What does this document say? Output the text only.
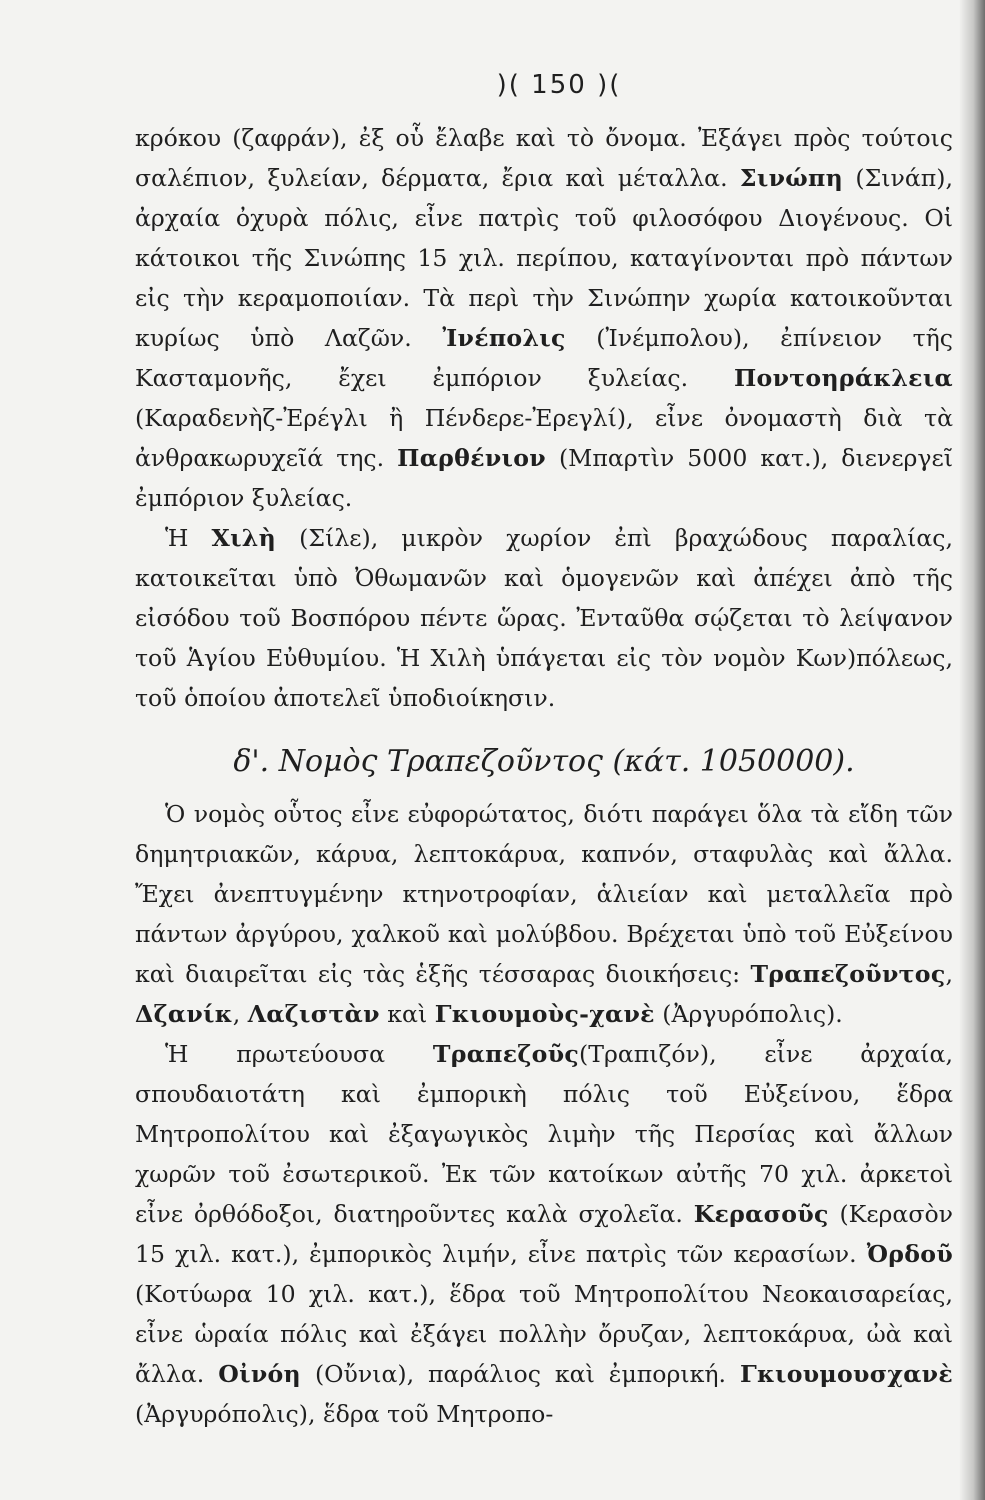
)( 150 )(

κρόκου (ζαφράν), ἐξ οὗ ἔλαβε καὶ τὸ ὄνομα. Ἐξάγει πρὸς τούτοις σαλέπιον, ξυλείαν, δέρματα, ἔρια καὶ μέταλλα. Σινώπη (Σινάπ), ἀρχαία ὀχυρὰ πόλις, εἶνε πατρὶς τοῦ φιλοσόφου Διογένους. Οἱ κάτοικοι τῆς Σινώπης 15 χιλ. περίπου, καταγίνονται πρὸ πάντων εἰς τὴν κεραμοποιίαν. Τὰ περὶ τὴν Σινώπην χωρία κατοικοῦνται κυρίως ὑπὸ Λαζῶν. Ἰνέπολις (Ἰνέμπολου), ἐπίνειον τῆς Κασταμονῆς, ἔχει ἐμπόριον ξυλείας. Ποντοηράκλεια (Καραδενὴζ-Ἐρέγλι ἢ Πένδερε-Ἐρεγλί), εἶνε ὀνομαστὴ διὰ τὰ ἀνθρακωρυχεῖά της. Παρθένιον (Μπαρτὶν 5000 κατ.), διενεργεῖ ἐμπόριον ξυλείας.

Ἡ Χιλὴ (Σίλε), μικρὸν χωρίον ἐπὶ βραχώδους παραλίας, κατοικεῖται ὑπὸ Ὀθωμανῶν καὶ ὁμογενῶν καὶ ἀπέχει ἀπὸ τῆς εἰσόδου τοῦ Βοσπόρου πέντε ὥρας. Ἐνταῦθα σῴζεται τὸ λείψανον τοῦ Ἁγίου Εὐθυμίου. Ἡ Χιλὴ ὑπάγεται εἰς τὸν νομὸν Κων)πόλεως, τοῦ ὁποίου ἀποτελεῖ ὑποδιοίκησιν.

δ'. Νομὸς Τραπεζοῦντος (κάτ. 1050000).

Ὁ νομὸς οὗτος εἶνε εὐφορώτατος, διότι παράγει ὅλα τὰ εἴδη τῶν δημητριακῶν, κάρυα, λεπτοκάρυα, καπνόν, σταφυλὰς καὶ ἄλλα. Ἔχει ἀνεπτυγμένην κτηνοτροφίαν, ἁλιείαν καὶ μεταλλεῖα πρὸ πάντων ἀργύρου, χαλκοῦ καὶ μολύβδου. Βρέχεται ὑπὸ τοῦ Εὐξείνου καὶ διαιρεῖται εἰς τὰς ἑξῆς τέσσαρας διοικήσεις: Τραπεζοῦντος, Δζανίκ, Λαζιστὰν καὶ Γκιουμοὺς-χανὲ (Ἀργυρόπολις).

Ἡ πρωτεύουσα Τραπεζοῦς(Τραπιζόν), εἶνε ἀρχαία, σπουδαιοτάτη καὶ ἐμπορικὴ πόλις τοῦ Εὐξείνου, ἕδρα Μητροπολίτου καὶ ἐξαγωγικὸς λιμὴν τῆς Περσίας καὶ ἄλλων χωρῶν τοῦ ἐσωτερικοῦ. Ἐκ τῶν κατοίκων αὐτῆς 70 χιλ. ἀρκετοὶ εἶνε ὀρθόδοξοι, διατηροῦντες καλὰ σχολεῖα. Κερασοῦς (Κερασὸν 15 χιλ. κατ.), ἐμπορικὸς λιμήν, εἶνε πατρὶς τῶν κερασίων. Ὀρδοῦ (Κοτύωρα 10 χιλ. κατ.), ἕδρα τοῦ Μητροπολίτου Νεοκαισαρείας, εἶνε ὡραία πόλις καὶ ἐξάγει πολλὴν ὄρυζαν, λεπτοκάρυα, ὠὰ καὶ ἄλλα. Οἰνόη (Οὔνια), παράλιος καὶ ἐμπορική. Γκιουμουσχανὲ (Ἀργυρόπολις), ἕδρα τοῦ Μητροπο-
